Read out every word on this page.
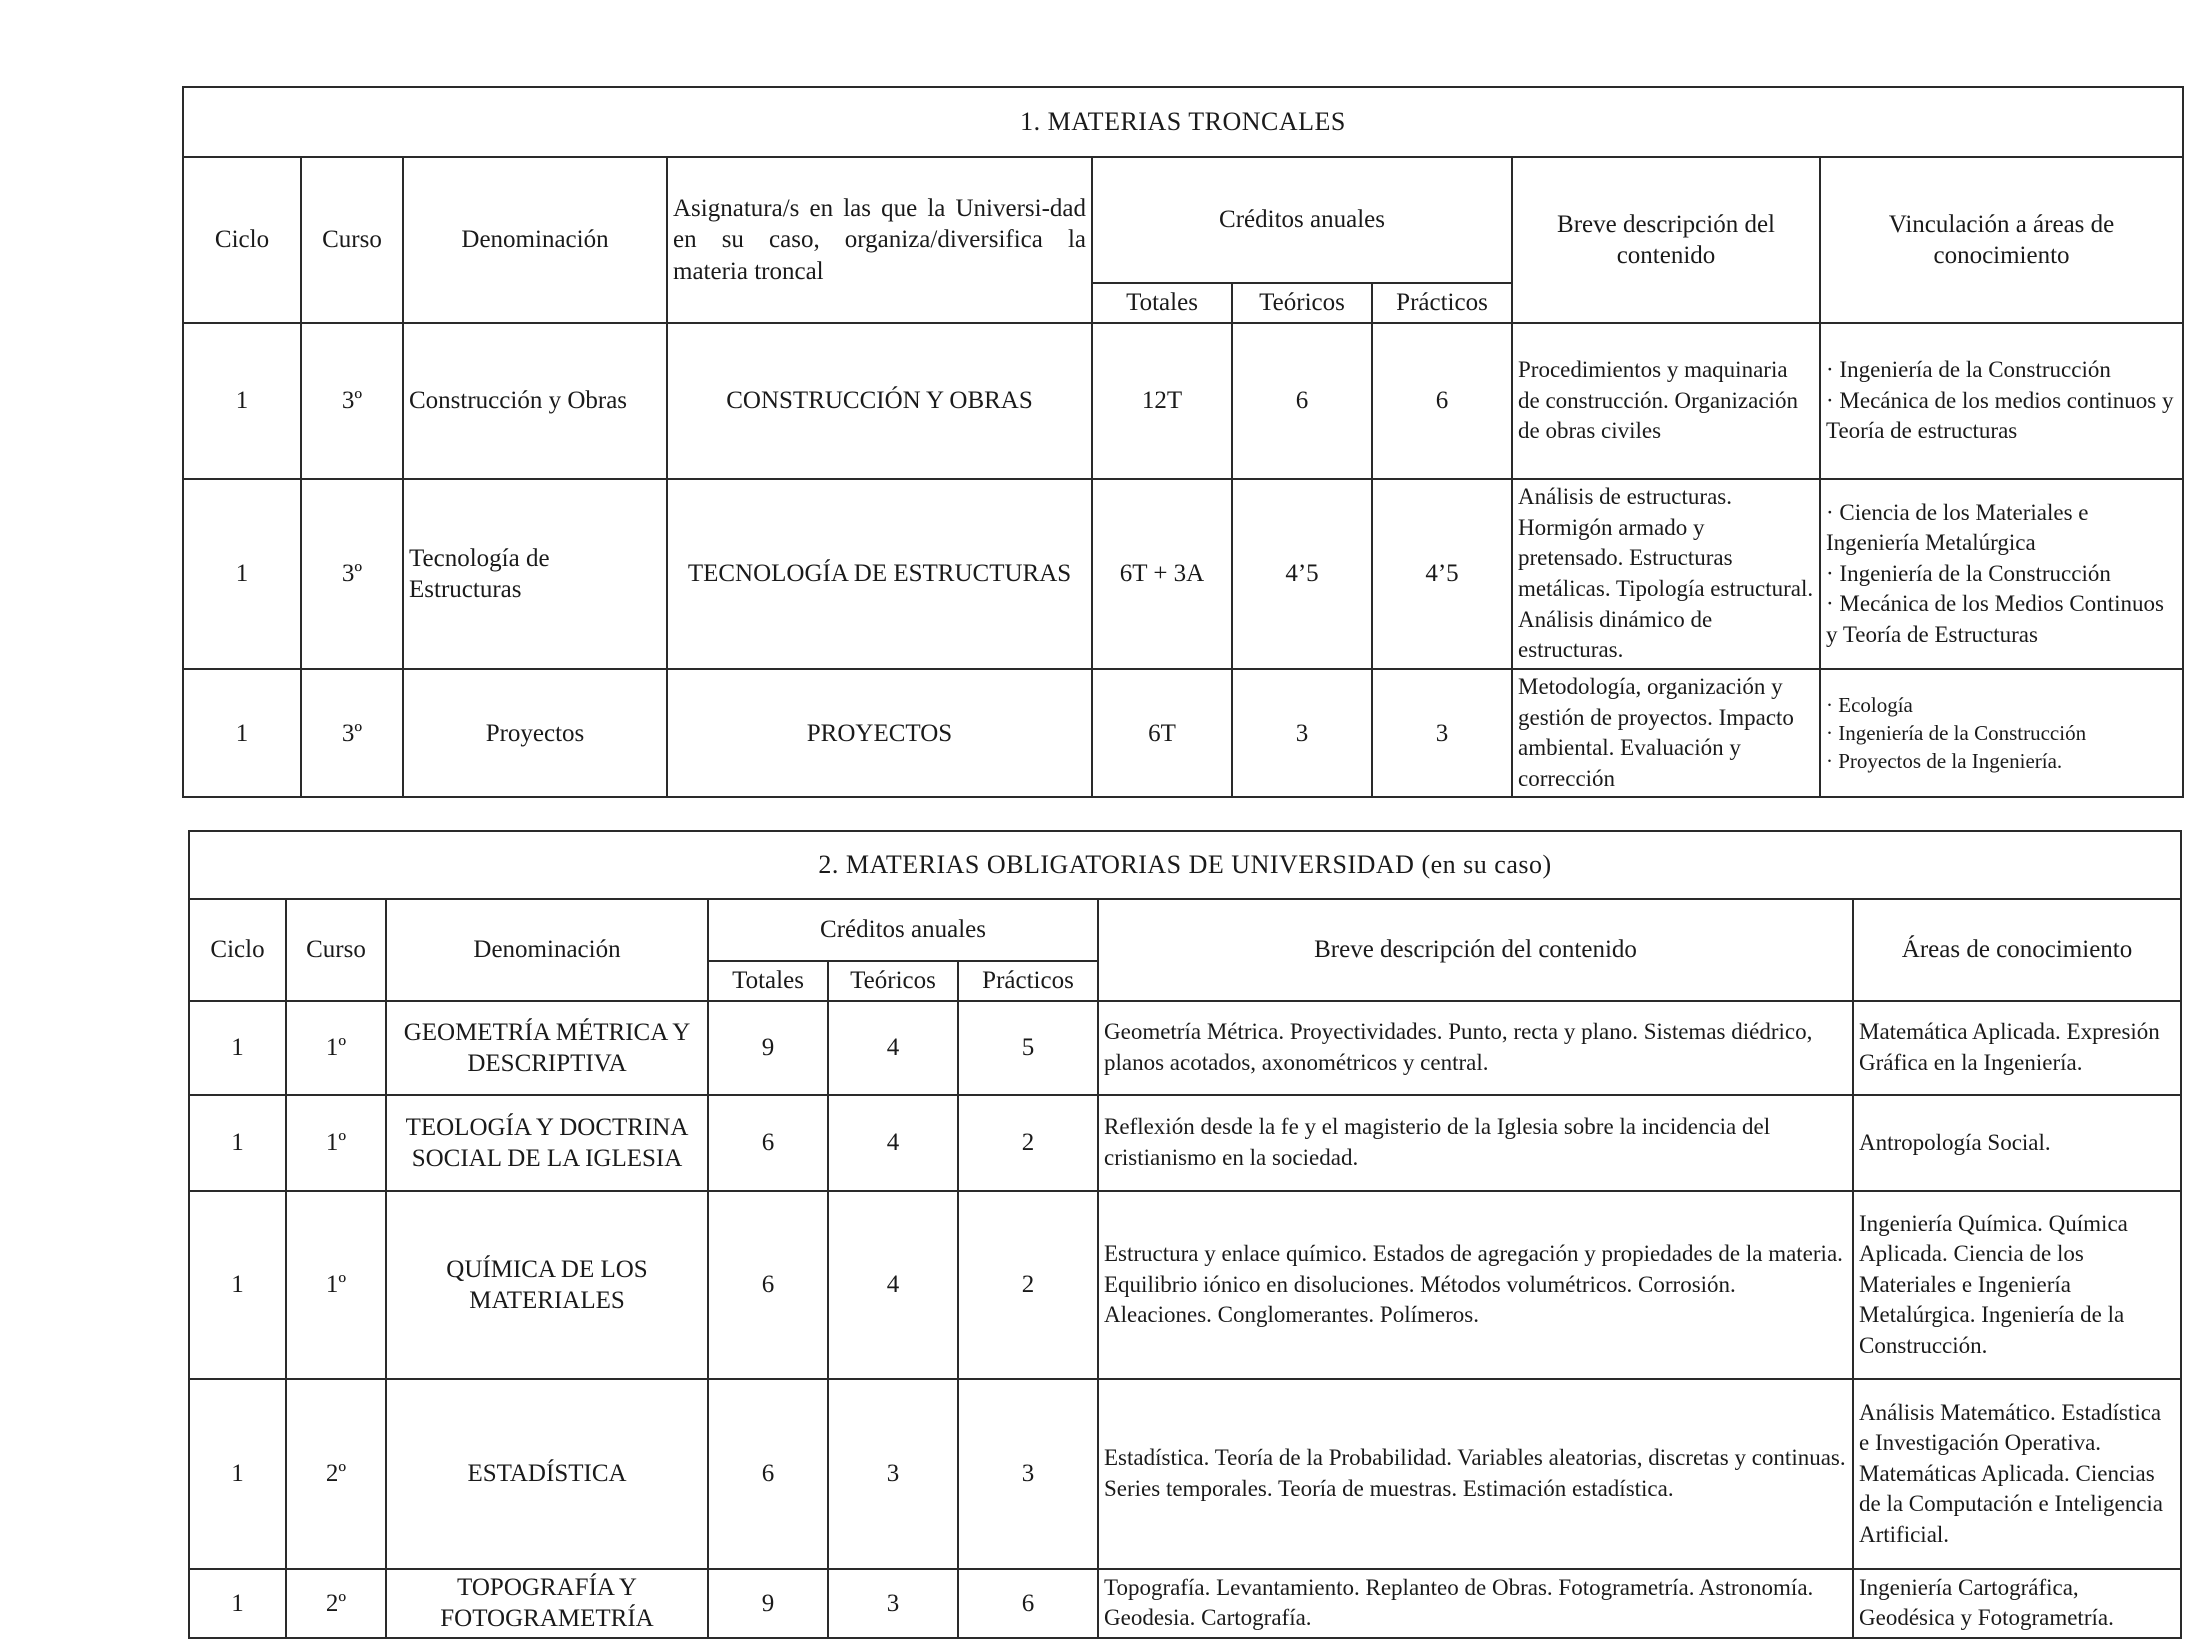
1. MATERIAS TRONCALES								
Ciclo	Curso	Denominación	Asignatura/s en las que la Universi-dad en su caso, organiza/diversifica la materia troncal	Créditos anuales			Breve descripción del contenido	Vinculación a áreas de conocimiento
				Totales	Teóricos	Prácticos		
1	3º	Construcción y Obras	CONSTRUCCIÓN Y OBRAS	12T	6	6	Procedimientos y maquinaria de construcción. Organización de obras civiles	· Ingeniería de la Construcción
· Mecánica de los medios continuos y Teoría de estructuras

1	3º	Tecnología de Estructuras	TECNOLOGÍA DE ESTRUCTURAS	6T + 3A	4’5	4’5	Análisis de estructuras. Hormigón armado y pretensado. Estructuras metálicas. Tipología estructural. Análisis dinámico de estructuras.	· Ciencia de los Materiales e Ingeniería Metalúrgica
· Ingeniería de la Construcción
· Mecánica de los Medios Continuos y Teoría de Estructuras

1	3º	Proyectos	PROYECTOS	6T	3	3	Metodología, organización y gestión de proyectos. Impacto ambiental. Evaluación y corrección	· Ecología
· Ingeniería de la Construcción
· Proyectos de la Ingeniería.
2. MATERIAS OBLIGATORIAS DE UNIVERSIDAD (en su caso)							
Ciclo	Curso	Denominación	Créditos anuales			Breve descripción del contenido	Áreas de conocimiento
			Totales	Teóricos	Prácticos		
1	1º	GEOMETRÍA MÉTRICA Y DESCRIPTIVA	9	4	5	Geometría Métrica. Proyectividades. Punto, recta y plano. Sistemas diédrico, planos acotados, axonométricos y central.	Matemática Aplicada. Expresión Gráfica en la Ingeniería.
1	1º	TEOLOGÍA Y DOCTRINA SOCIAL DE LA IGLESIA	6	4	2	Reflexión desde la fe y el magisterio de la Iglesia sobre la incidencia del cristianismo en la sociedad.	Antropología Social.
1	1º	QUÍMICA DE LOS MATERIALES	6	4	2	Estructura y enlace químico. Estados de agregación y propiedades de la materia. Equilibrio iónico en disoluciones. Métodos volumétricos. Corrosión. Aleaciones. Conglomerantes. Polímeros.	Ingeniería Química. Química Aplicada. Ciencia de los Materiales e Ingeniería Metalúrgica. Ingeniería de la Construcción.
1	2º	ESTADÍSTICA	6	3	3	Estadística. Teoría de la Probabilidad. Variables aleatorias, discretas y continuas. Series temporales. Teoría de muestras. Estimación estadística.	Análisis Matemático. Estadística e Investigación Operativa. Matemáticas Aplicada. Ciencias de la Computación e Inteligencia Artificial.
1	2º	TOPOGRAFÍA Y FOTOGRAMETRÍA	9	3	6	Topografía. Levantamiento. Replanteo de Obras. Fotogrametría. Astronomía. Geodesia. Cartografía.	Ingeniería Cartográfica, Geodésica y Fotogrametría.
